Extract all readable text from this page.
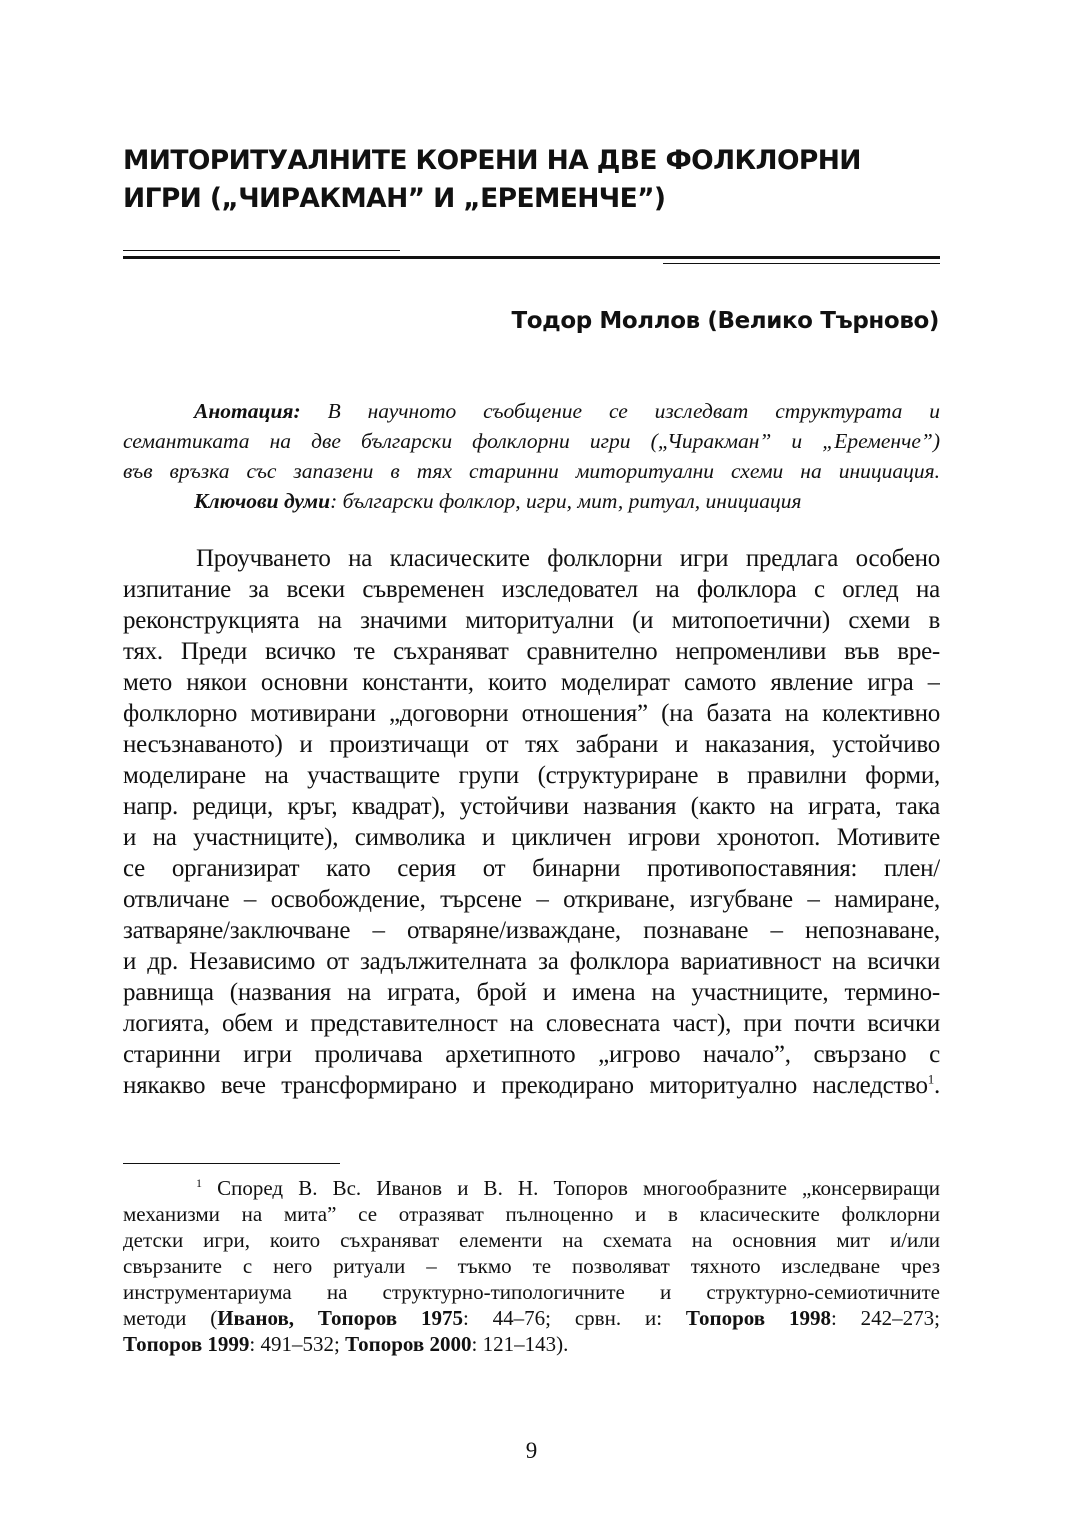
МИТОРИТУАЛНИТЕ КОРЕНИ НА ДВЕ ФОЛКЛОРНИ
ИГРИ („ЧИРАКМАН” И „ЕРЕМЕНЧЕ”)
Тодор Моллов (Велико Търново)
Анотация: В научното съобщение се изследват структурата и
семантиката на две български фолклорни игри („Чиракман” и „Еременче”)
във връзка със запазени в тях старинни миторитуални схеми на инициация.
Ключови думи: български фолклор, игри, мит, ритуал, инициация
Проучването на класическите фолклорни игри предлага особено
изпитание за всеки съвременен изследовател на фолклора с оглед на
реконструкцията на значими миторитуални (и митопоетични) схеми в
тях. Преди всичко те съхраняват сравнително непроменливи във вре-
мето някои основни константи, които моделират самото явление игра –
фолклорно мотивирани „договорни отношения” (на базата на колективно
несъзнаваното) и произтичащи от тях забрани и наказания, устойчиво
моделиране на участващите групи (структуриране в правилни форми,
напр. редици, кръг, квадрат), устойчиви названия (както на играта, така
и на участниците), символика и цикличен игрови хронотоп. Мотивите
се организират като серия от бинарни противопоставяния: плен/
отвличане – освобождение, търсене – откриване, изгубване – намиране,
затваряне/заключване – отваряне/изваждане, познаване – непознаване,
и др. Независимо от задължителната за фолклора вариативност на всички
равнища (названия на играта, брой и имена на участниците, термино-
логията, обем и представителност на словесната част), при почти всички
старинни игри проличава архетипното „игрово начало”, свързано с
някакво вече трансформирано и прекодирано миторитуално наследство$^1$.
$^1$ Според В. Вс. Иванов и В. Н. Топоров многообразните „консервиращи
механизми на мита” се отразяват пълноценно и в класическите фолклорни
детски игри, които съхраняват елементи на схемата на основния мит и/или
свързаните с него ритуали – тъкмо те позволяват тяхното изследване чрез
инструментариума на структурно-типологичните и структурно-семиотичните
методи (Иванов, Топоров 1975: 44–76; срвн. и: Топоров 1998: 242–273;
Топоров 1999: 491–532; Топоров 2000: 121–143).
9
